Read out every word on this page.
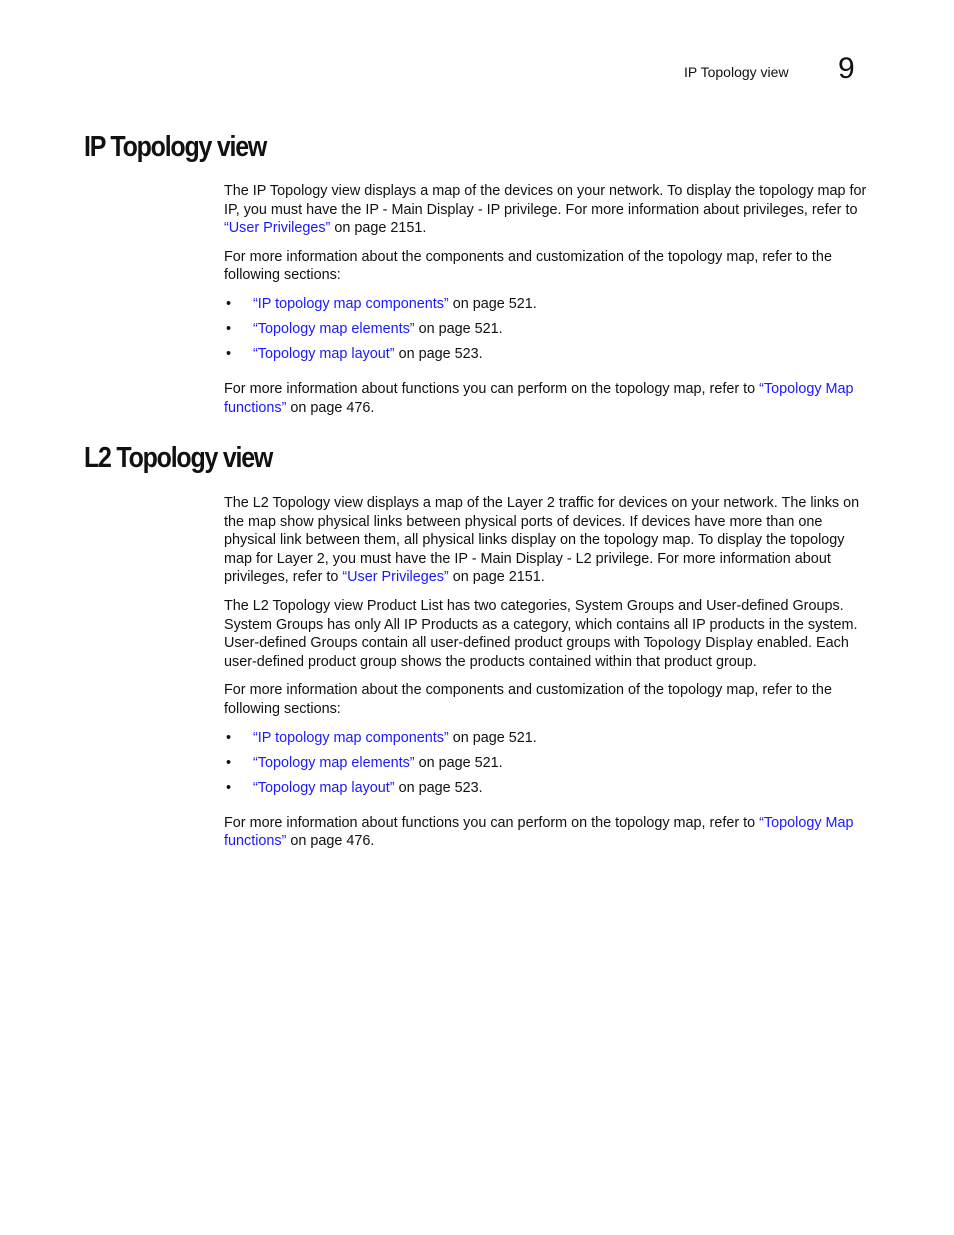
IP Topology view 9
IP Topology view

The IP Topology view displays a map of the devices on your network. To display the topology map for IP, you must have the IP - Main Display - IP privilege. For more information about privileges, refer to “User Privileges” on page 2151.

For more information about the components and customization of the topology map, refer to the following sections:

• “IP topology map components” on page 521.
• “Topology map elements” on page 521.
• “Topology map layout” on page 523.

For more information about functions you can perform on the topology map, refer to “Topology Map functions” on page 476.

L2 Topology view

The L2 Topology view displays a map of the Layer 2 traffic for devices on your network. The links on the map show physical links between physical ports of devices. If devices have more than one physical link between them, all physical links display on the topology map. To display the topology map for Layer 2, you must have the IP - Main Display - L2 privilege. For more information about privileges, refer to “User Privileges” on page 2151.

The L2 Topology view Product List has two categories, System Groups and User-defined Groups. System Groups has only All IP Products as a category, which contains all IP products in the system. User-defined Groups contain all user-defined product groups with Topology Display enabled. Each user-defined product group shows the products contained within that product group.

For more information about the components and customization of the topology map, refer to the following sections:

• “IP topology map components” on page 521.
• “Topology map elements” on page 521.
• “Topology map layout” on page 523.

For more information about functions you can perform on the topology map, refer to “Topology Map functions” on page 476.
